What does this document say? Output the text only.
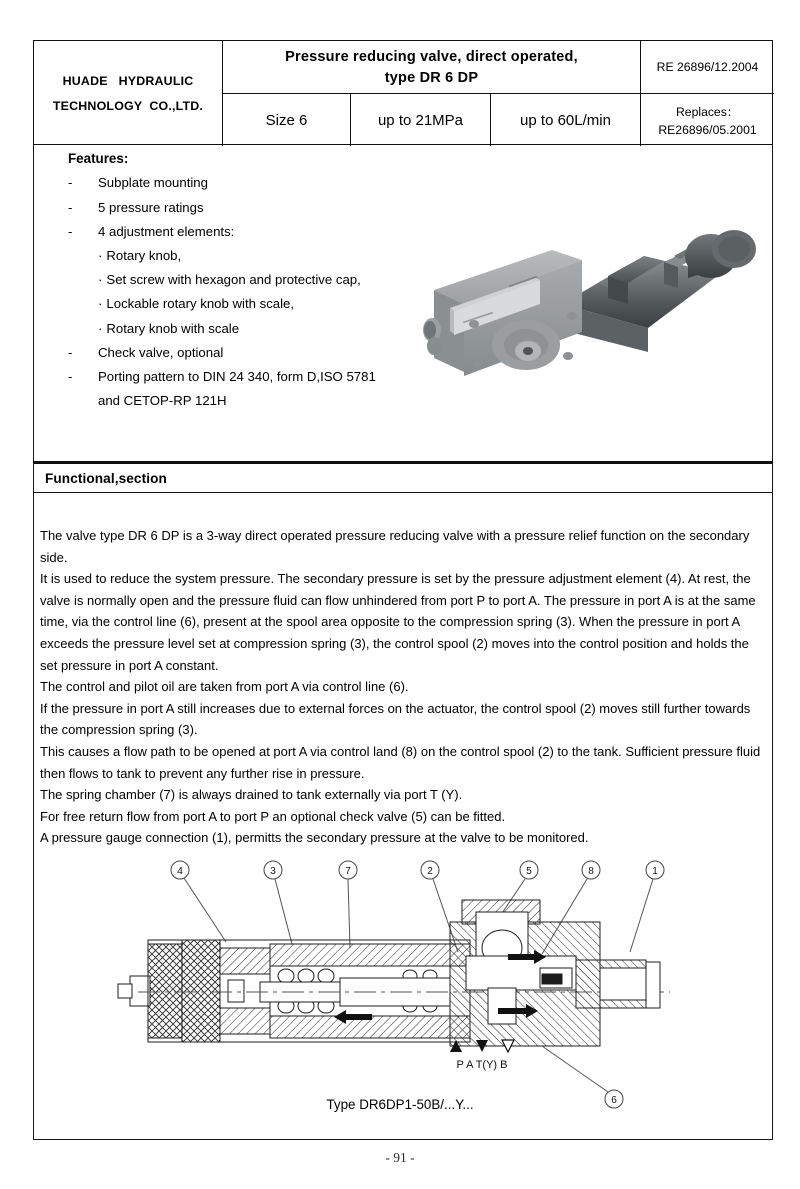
HUADE   HYDRAULIC
TECHNOLOGY  CO.,LTD.
Pressure reducing valve, direct operated,
type DR 6 DP
RE 26896/12.2004
Size 6	up to 21MPa	up to 60L/min	Replaces：
RE26896/05.2001
Features:
-	Subplate mounting
-	5 pressure ratings
-	4 adjustment elements:
· Rotary knob,
· Set screw with hexagon and protective cap,
· Lockable rotary knob with scale,
· Rotary knob with scale
-	Check valve, optional
-	Porting pattern to DIN 24 340, form D,ISO 5781
and CETOP-RP 121H
Functional,section

The valve type DR 6 DP is a 3-way direct operated pressure reducing valve with a pressure relief function on the secondary side.

It is used to reduce the system pressure. The secondary pressure is set by the pressure adjustment element (4). At rest, the valve is normally open and the pressure fluid can flow unhindered from port P to port A. The pressure in port A is at the same time, via the control line (6), present at the spool area opposite to the compression spring (3). When the pressure in port A exceeds the pressure level set at compression spring (3), the control spool (2) moves into the control position and holds the set pressure in port A constant.

The control and pilot oil are taken from port A via control line (6).

If the pressure in port A still increases due to external forces on the actuator, the control spool (2) moves still further towards the compression spring (3).

This causes a flow path to be opened at port A via control land (8) on the control spool (2) to the tank. Sufficient pressure fluid then flows to tank to prevent any further rise in pressure.

The spring chamber (7) is always drained to tank externally via port T (Y).

For free return flow from port A to port P an optional check valve (5) can be fitted.

A pressure gauge connection (1), permitts the secondary pressure at the valve to be monitored.

4	3	7	2	5	8	1
6
P A T(Y) B
Type DR6DP1-50B/...Y...
- 91 -
